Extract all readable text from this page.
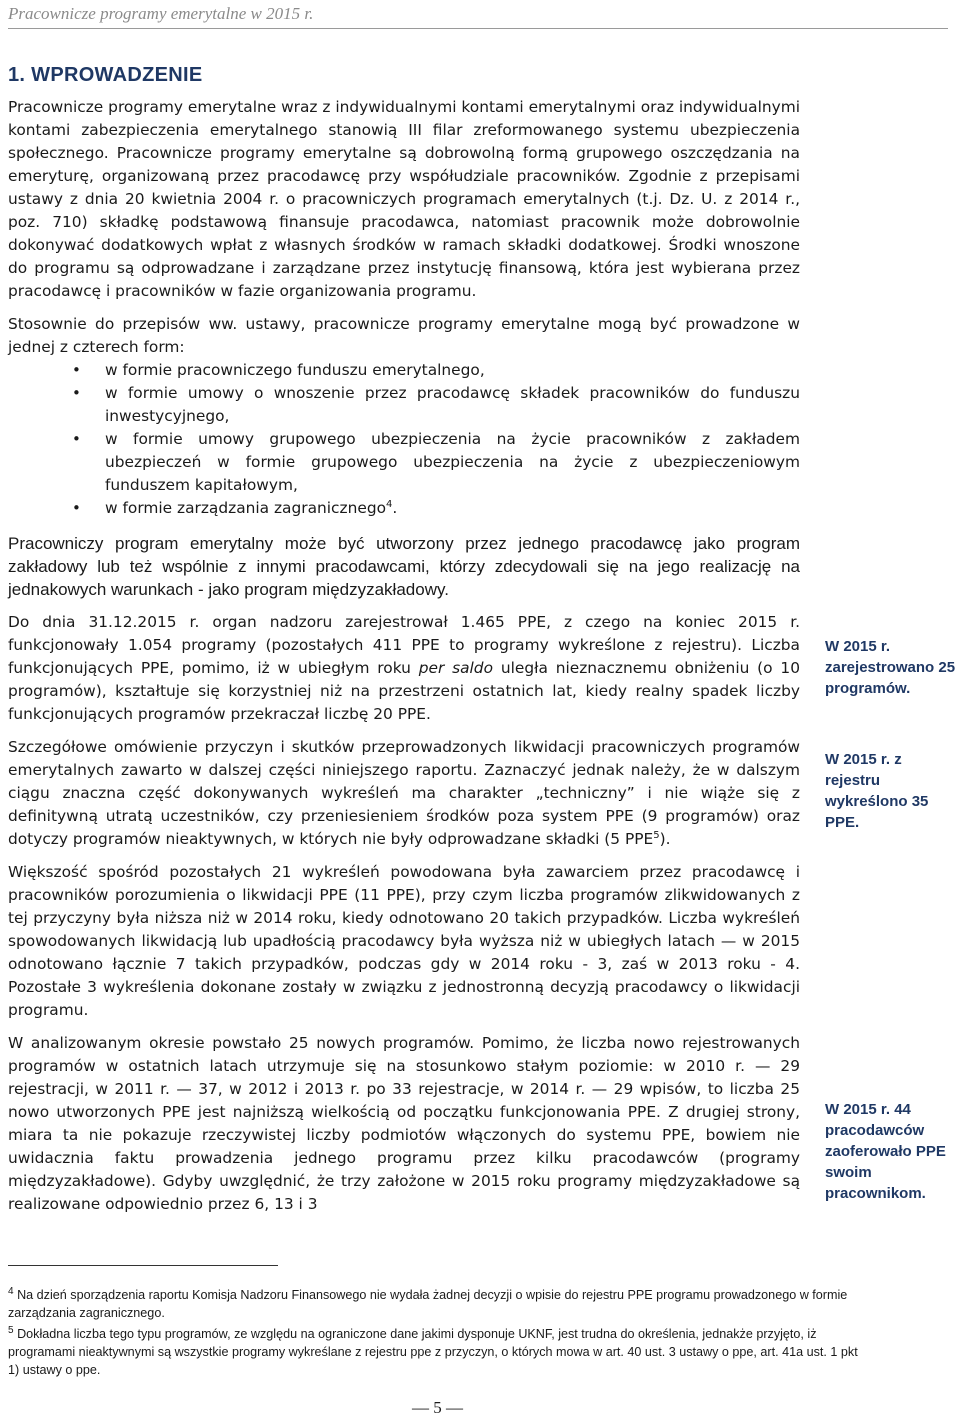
Pracownicze programy emerytalne w 2015 r.
1. WPROWADZENIE

Pracownicze programy emerytalne wraz z indywidualnymi kontami emerytalnymi oraz indywidualnymi kontami zabezpieczenia emerytalnego stanowią III filar zreformowanego systemu ubezpieczenia społecznego. Pracownicze programy emerytalne są dobrowolną formą grupowego oszczędzania na emeryturę, organizowaną przez pracodawcę przy współudziale pracowników. Zgodnie z przepisami ustawy z dnia 20 kwietnia 2004 r. o pracowniczych programach emerytalnych (t.j. Dz. U. z 2014 r., poz. 710) składkę podstawową finansuje pracodawca, natomiast pracownik może dobrowolnie dokonywać dodatkowych wpłat z własnych środków w ramach składki dodatkowej. Środki wnoszone do programu są odprowadzane i zarządzane przez instytucję finansową, która jest wybierana przez pracodawcę i pracowników w fazie organizowania programu.

Stosownie do przepisów ww. ustawy, pracownicze programy emerytalne mogą być prowadzone w jednej z czterech form:

• w formie pracowniczego funduszu emerytalnego,
• w formie umowy o wnoszenie przez pracodawcę składek pracowników do funduszu inwestycyjnego,
• w formie umowy grupowego ubezpieczenia na życie pracowników z zakładem ubezpieczeń w formie grupowego ubezpieczenia na życie z ubezpieczeniowym funduszem kapitałowym,
• w formie zarządzania zagranicznego$^4$.

Pracowniczy program emerytalny może być utworzony przez jednego pracodawcę jako program zakładowy lub też wspólnie z innymi pracodawcami, którzy zdecydowali się na jego realizację na jednakowych warunkach - jako program międzyzakładowy.

Do dnia 31.12.2015 r. organ nadzoru zarejestrował 1.465 PPE, z czego na koniec 2015 r. funkcjonowały 1.054 programy (pozostałych 411 PPE to programy wykreślone z rejestru). Liczba funkcjonujących PPE, pomimo, iż w ubiegłym roku per saldo uległa nieznacznemu obniżeniu (o 10 programów), kształtuje się korzystniej niż na przestrzeni ostatnich lat, kiedy realny spadek liczby funkcjonujących programów przekraczał liczbę 20 PPE.

Szczegółowe omówienie przyczyn i skutków przeprowadzonych likwidacji pracowniczych programów emerytalnych zawarto w dalszej części niniejszego raportu. Zaznaczyć jednak należy, że w dalszym ciągu znaczna część dokonywanych wykreśleń ma charakter „techniczny” i nie wiąże się z definitywną utratą uczestników, czy przeniesieniem środków poza system PPE (9 programów) oraz dotyczy programów nieaktywnych, w których nie były odprowadzane składki (5 PPE$^5$).

Większość spośród pozostałych 21 wykreśleń powodowana była zawarciem przez pracodawcę i pracowników porozumienia o likwidacji PPE (11 PPE), przy czym liczba programów zlikwidowanych z tej przyczyny była niższa niż w 2014 roku, kiedy odnotowano 20 takich przypadków. Liczba wykreśleń spowodowanych likwidacją lub upadłością pracodawcy była wyższa niż w ubiegłych latach — w 2015 odnotowano łącznie 7 takich przypadków, podczas gdy w 2014 roku - 3, zaś w 2013 roku - 4. Pozostałe 3 wykreślenia dokonane zostały w związku z jednostronną decyzją pracodawcy o likwidacji programu.

W analizowanym okresie powstało 25 nowych programów. Pomimo, że liczba nowo rejestrowanych programów w ostatnich latach utrzymuje się na stosunkowo stałym poziomie: w 2010 r. — 29 rejestracji, w 2011 r. — 37, w 2012 i 2013 r. po 33 rejestracje, w 2014 r. — 29 wpisów, to liczba 25 nowo utworzonych PPE jest najniższą wielkością od początku funkcjonowania PPE. Z drugiej strony, miara ta nie pokazuje rzeczywistej liczby podmiotów włączonych do systemu PPE, bowiem nie uwidacznia faktu prowadzenia jednego programu przez kilku pracodawców (programy międzyzakładowe). Gdyby uwzględnić, że trzy założone w 2015 roku programy międzyzakładowe są realizowane odpowiednio przez 6, 13 i 3

W 2015 r. zarejestrowano 25 programów.
W 2015 r. z rejestru wykreślono 35 PPE.
W 2015 r. 44 pracodawców zaoferowało PPE swoim pracownikom.

$^4$ Na dzień sporządzenia raportu Komisja Nadzoru Finansowego nie wydała żadnej decyzji o wpisie do rejestru PPE programu prowadzonego w formie zarządzania zagranicznego.

$^5$ Dokładna liczba tego typu programów, ze względu na ograniczone dane jakimi dysponuje UKNF, jest trudna do określenia, jednakże przyjęto, iż programami nieaktywnymi są wszystkie programy wykreślane z rejestru ppe z przyczyn, o których mowa w art. 40 ust. 3 ustawy o ppe, art. 41a ust. 1 pkt 1) ustawy o ppe.

— 5 —
